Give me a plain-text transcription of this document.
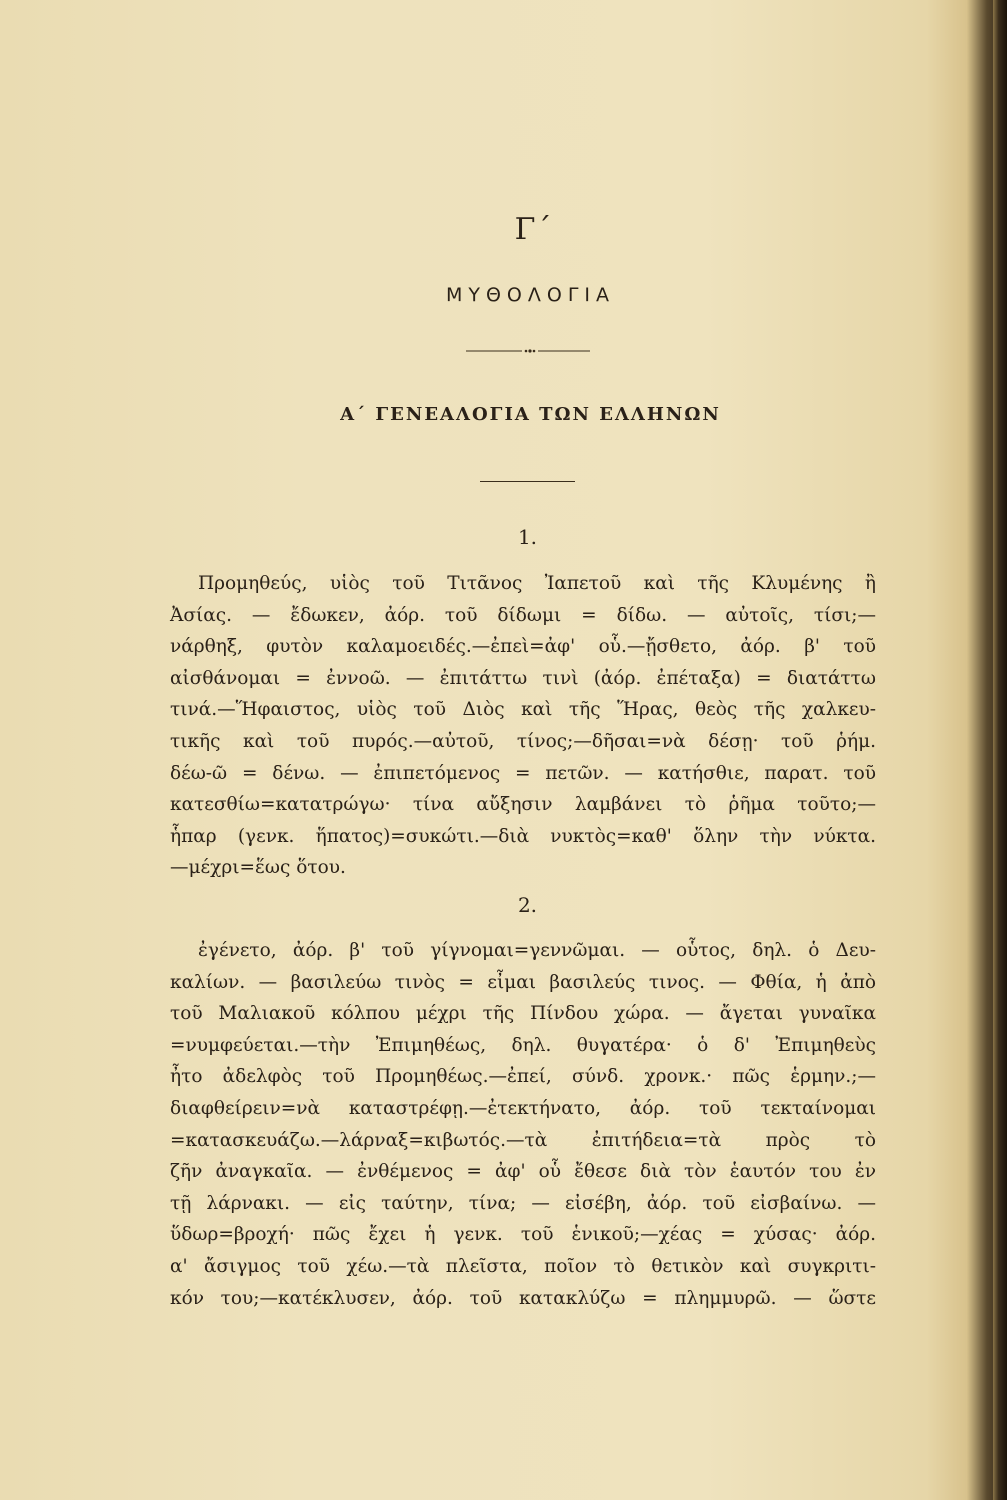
Γ΄
ΜΥΘΟΛΟΓΙΑ
Α΄ ΓΕΝΕΑΛΟΓΙΑ ΤΩΝ ΕΛΛΗΝΩΝ
1.
Προμηθεύς, υἱὸς τοῦ Τιτᾶνος Ἰαπετοῦ καὶ τῆς Κλυμένης ἢ
Ἀσίας. — ἔδωκεν, ἀόρ. τοῦ δίδωμι = δίδω. — αὐτοῖς, τίσι;—
νάρθηξ, φυτὸν καλαμοειδές.—ἐπεὶ=ἀφ' οὗ.—ᾔσθετο, ἀόρ. β' τοῦ
αἰσθάνομαι = ἐννοῶ. — ἐπιτάττω τινὶ (ἀόρ. ἐπέταξα) = διατάττω
τινά.—Ἥφαιστος, υἱὸς τοῦ Διὸς καὶ τῆς Ἥρας, θεὸς τῆς χαλκευ-
τικῆς καὶ τοῦ πυρός.—αὐτοῦ, τίνος;—δῆσαι=νὰ δέσῃ· τοῦ ῥήμ.
δέω-ῶ = δένω. — ἐπιπετόμενος = πετῶν. — κατήσθιε, παρατ. τοῦ
κατεσθίω=κατατρώγω· τίνα αὔξησιν λαμβάνει τὸ ῥῆμα τοῦτο;—
ἧπαρ (γενκ. ἥπατος)=συκώτι.—διὰ νυκτὸς=καθ' ὅλην τὴν νύκτα.
—μέχρι=ἕως ὅτου.
2.
ἐγένετο, ἀόρ. β' τοῦ γίγνομαι=γεννῶμαι. — οὗτος, δηλ. ὁ Δευ-
καλίων. — βασιλεύω τινὸς = εἶμαι βασιλεύς τινος. — Φθία, ἡ ἀπὸ
τοῦ Μαλιακοῦ κόλπου μέχρι τῆς Πίνδου χώρα. — ἄγεται γυναῖκα
=νυμφεύεται.—τὴν Ἐπιμηθέως, δηλ. θυγατέρα· ὁ δ' Ἐπιμηθεὺς
ἦτο ἀδελφὸς τοῦ Προμηθέως.—ἐπεί, σύνδ. χρονκ.· πῶς ἑρμην.;—
διαφθείρειν=νὰ καταστρέφῃ.—ἐτεκτήνατο, ἀόρ. τοῦ τεκταίνομαι
=κατασκευάζω.—λάρναξ=κιβωτός.—τὰ ἐπιτήδεια=τὰ πρὸς τὸ
ζῆν ἀναγκαῖα. — ἐνθέμενος = ἀφ' οὗ ἔθεσε διὰ τὸν ἑαυτόν του ἐν
τῇ λάρνακι. — εἰς ταύτην, τίνα; — εἰσέβη, ἀόρ. τοῦ εἰσβαίνω. —
ὕδωρ=βροχή· πῶς ἔχει ἡ γενκ. τοῦ ἑνικοῦ;—χέας = χύσας· ἀόρ.
α' ἄσιγμος τοῦ χέω.—τὰ πλεῖστα, ποῖον τὸ θετικὸν καὶ συγκριτι-
κόν του;—κατέκλυσεν, ἀόρ. τοῦ κατακλύζω = πλημμυρῶ. — ὥστε
